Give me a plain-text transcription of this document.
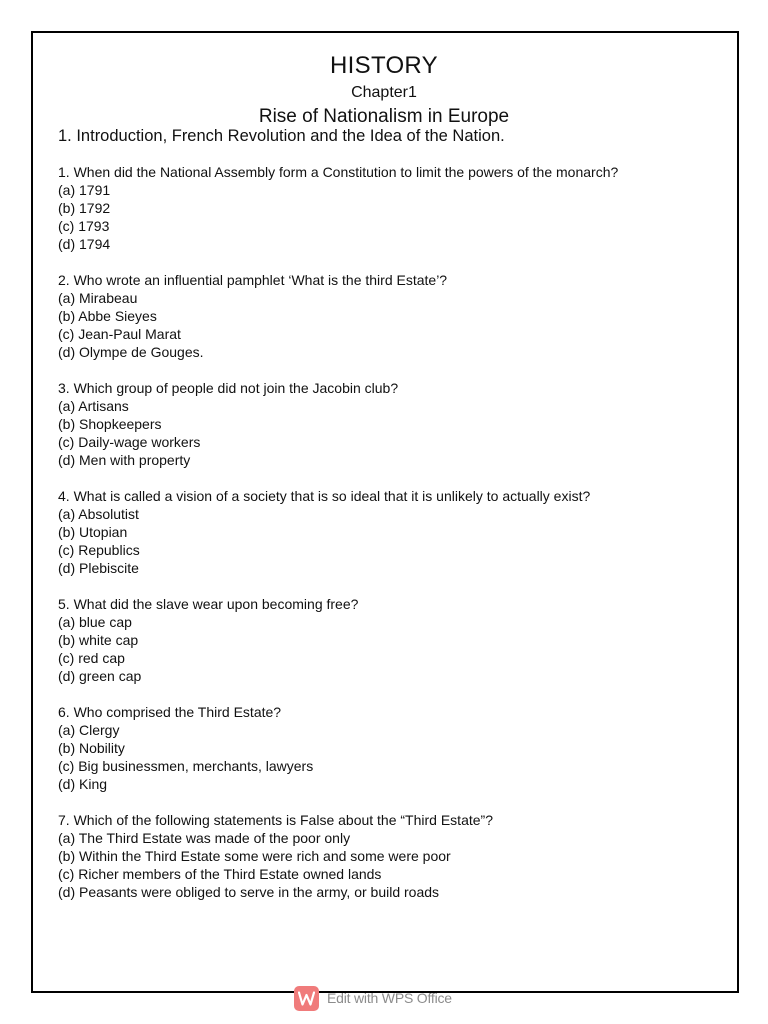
HISTORY
Chapter1
Rise of Nationalism in Europe
1. Introduction, French Revolution and the Idea of the Nation.
1. When did the National Assembly form a Constitution to limit the powers of the monarch? (a) 1791
(b) 1792
(c) 1793
(d) 1794
2. Who wrote an influential pamphlet ‘What is the third Estate’?
(a) Mirabeau
(b) Abbe Sieyes
(c) Jean-Paul Marat
(d) Olympe de Gouges.
3. Which group of people did not join the Jacobin club?
(a) Artisans
(b) Shopkeepers
(c) Daily-wage workers
(d) Men with property
4. What is called a vision of a society that is so ideal that it is unlikely to actually exist?
(a) Absolutist
(b) Utopian
(c) Republics
(d) Plebiscite
5. What did the slave wear upon becoming free?
(a) blue cap
(b) white cap
(c) red cap
(d) green cap
6. Who comprised the Third Estate?
(a) Clergy
(b) Nobility
(c) Big businessmen, merchants, lawyers
(d) King
7. Which of the following statements is False about the “Third Estate”?
(a) The Third Estate was made of the poor only
(b) Within the Third Estate some were rich and some were poor
(c) Richer members of the Third Estate owned lands
(d) Peasants were obliged to serve in the army, or build roads
Edit with WPS Office
